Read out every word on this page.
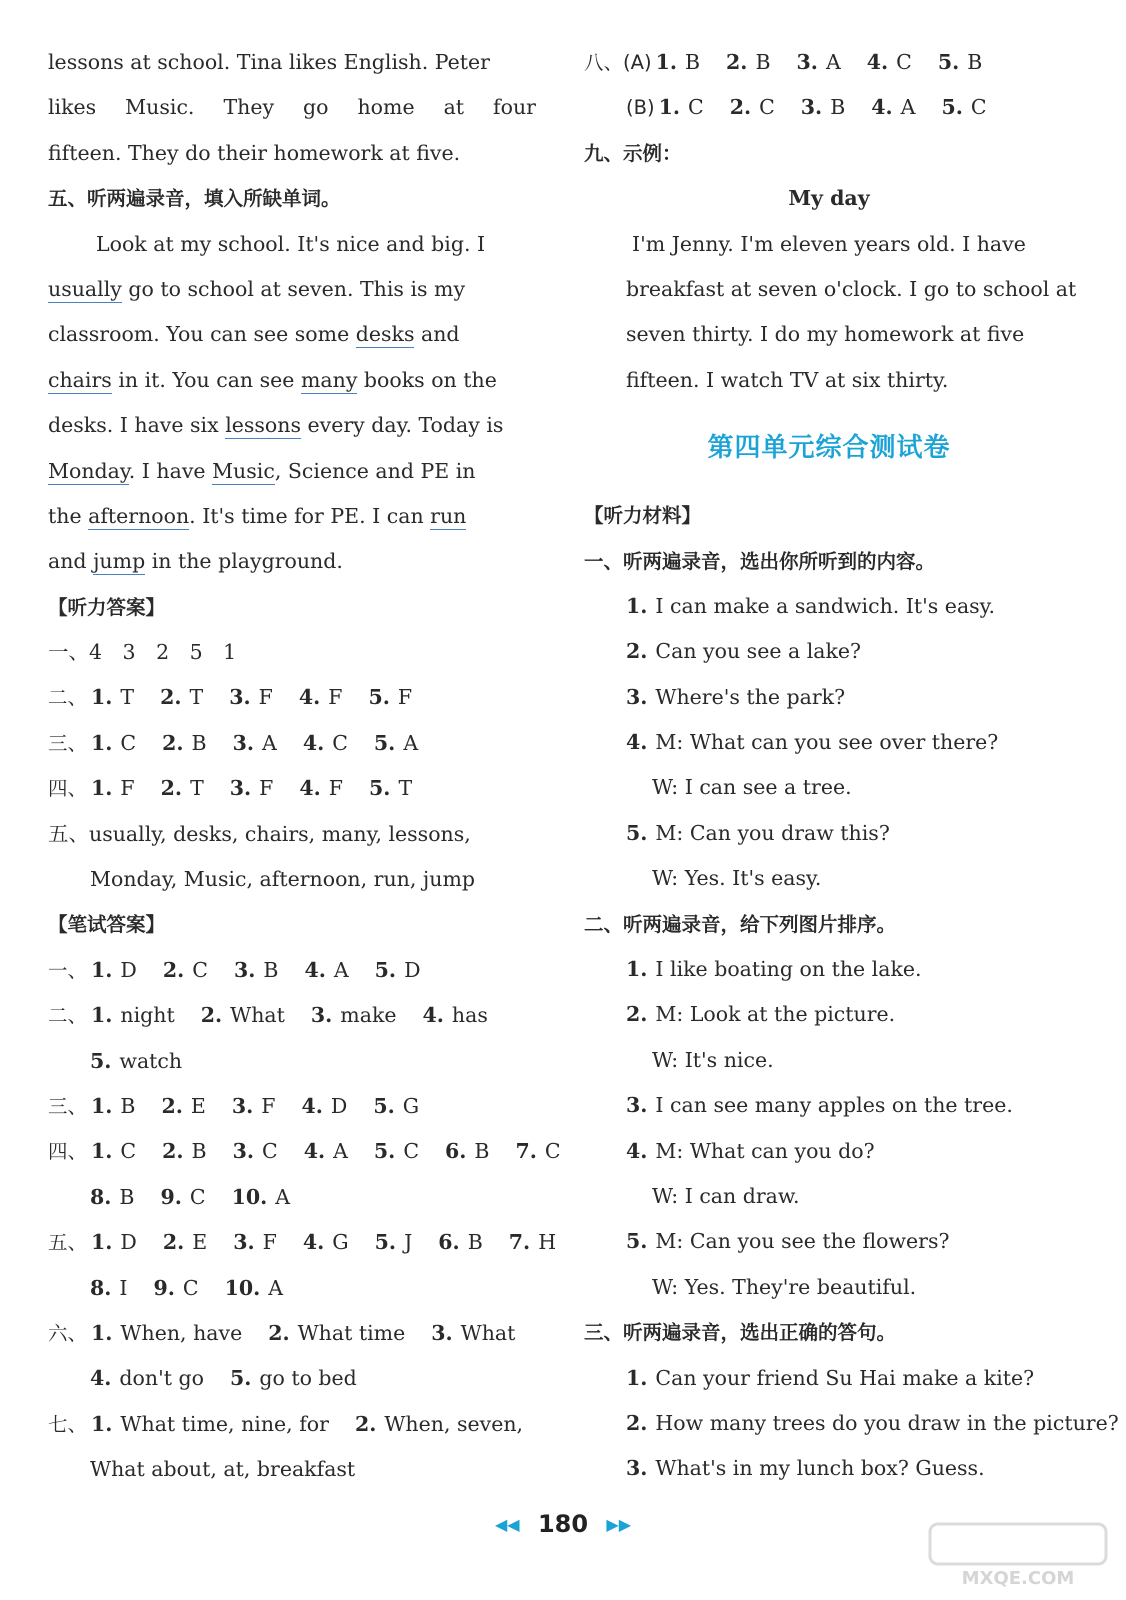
lessons at school. Tina likes English. Peter
likes Music. They go home at four
fifteen. They do their homework at five.
五、听两遍录音，填入所缺单词。
Look at my school. It's nice and big. I
usually go to school at seven. This is my
classroom. You can see some desks and
chairs in it. You can see many books on the
desks. I have six lessons every day. Today is
Monday. I have Music, Science and PE in
the afternoon. It's time for PE. I can run
and jump in the playground.
【听力答案】
一、4　3　2　5　1
二、 1. T 2. T 3. F 4. F 5. F
三、 1. C 2. B 3. A 4. C 5. A
四、 1. F 2. T 3. F 4. F 5. T
五、usually, desks, chairs, many, lessons,
Monday, Music, afternoon, run, jump
【笔试答案】
一、 1. D 2. C 3. B 4. A 5. D
二、 1. night 2. What 3. make 4. has
5. watch
三、 1. B 2. E 3. F 4. D 5. G
四、 1. C 2. B 3. C 4. A 5. C 6. B 7. C
8. B 9. C 10. A
五、 1. D 2. E 3. F 4. G 5. J 6. B 7. H
8. I 9. C 10. A
六、 1. When, have 2. What time 3. What
4. don't go 5. go to bed
七、 1. What time, nine, for 2. When, seven,
What about, at, breakfast
八、(A) 1. B 2. B 3. A 4. C 5. B
(B) 1. C 2. C 3. B 4. A 5. C
九、示例：
My day
I'm Jenny. I'm eleven years old. I have
breakfast at seven o'clock. I go to school at
seven thirty. I do my homework at five
fifteen. I watch TV at six thirty.
第四单元综合测试卷
【听力材料】
一、听两遍录音，选出你所听到的内容。
1. I can make a sandwich. It's easy.
2. Can you see a lake?
3. Where's the park?
4. M: What can you see over there?
W: I can see a tree.
5. M: Can you draw this?
W: Yes. It's easy.
二、听两遍录音，给下列图片排序。
1. I like boating on the lake.
2. M: Look at the picture.
W: It's nice.
3. I can see many apples on the tree.
4. M: What can you do?
W: I can draw.
5. M: Can you see the flowers?
W: Yes. They're beautiful.
三、听两遍录音，选出正确的答句。
1. Can your friend Su Hai make a kite?
2. How many trees do you draw in the picture?
3. What's in my lunch box? Guess.
◀◀ 180 ▶▶
MXQE.COM
